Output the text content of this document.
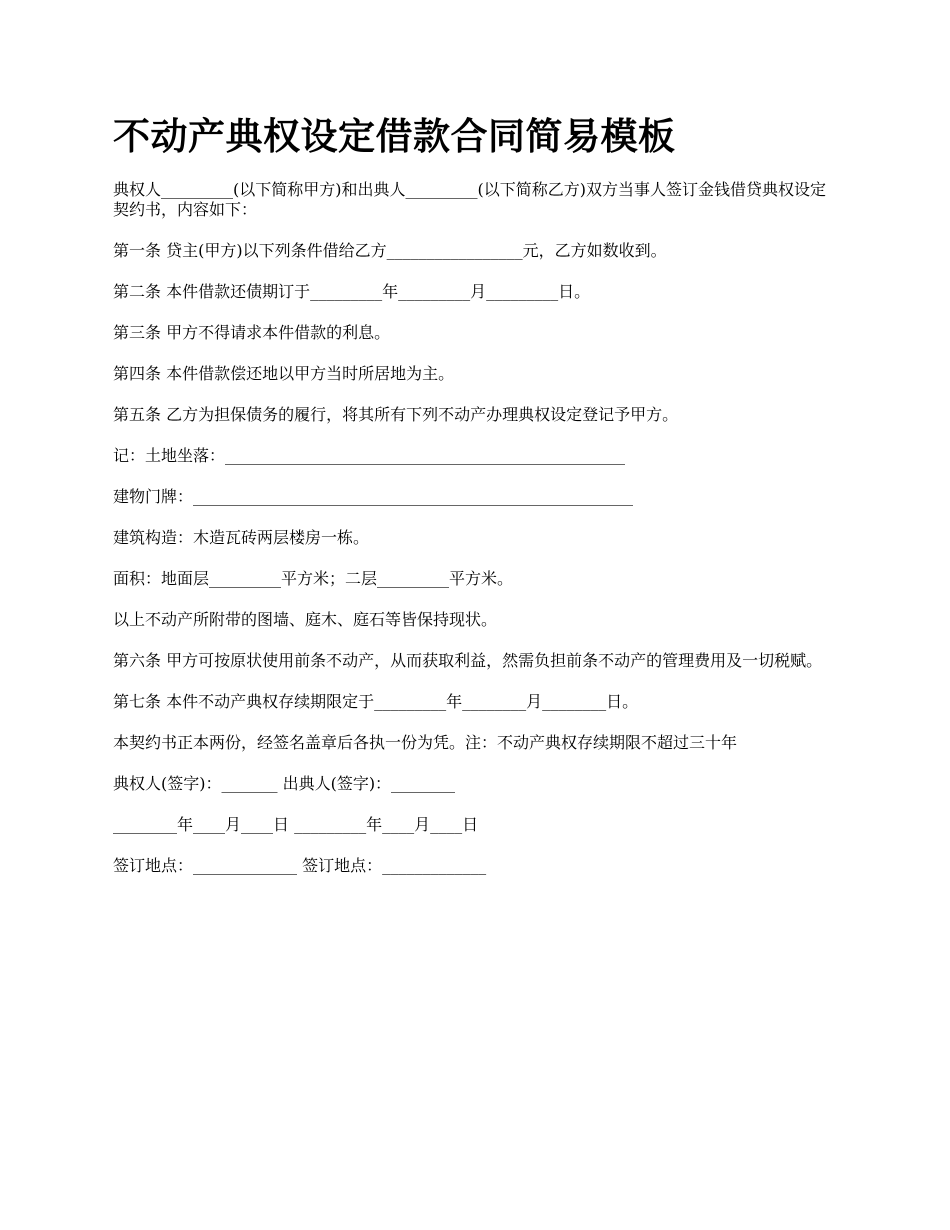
不动产典权设定借款合同简易模板
典权人_________(以下简称甲方)和出典人_________(以下简称乙方)双方当事人签订金钱借贷典权设定契约书，内容如下：
第一条 贷主(甲方)以下列条件借给乙方_________________元，乙方如数收到。
第二条 本件借款还债期订于_________年_________月_________日。
第三条 甲方不得请求本件借款的利息。
第四条 本件借款偿还地以甲方当时所居地为主。
第五条 乙方为担保债务的履行，将其所有下列不动产办理典权设定登记予甲方。
记：土地坐落：__________________________________________________
建物门牌：_______________________________________________________
建筑构造：木造瓦砖两层楼房一栋。
面积：地面层_________平方米；二层_________平方米。
以上不动产所附带的图墙、庭木、庭石等皆保持现状。
第六条 甲方可按原状使用前条不动产，从而获取利益，然需负担前条不动产的管理费用及一切税赋。
第七条 本件不动产典权存续期限定于_________年________月________日。
本契约书正本两份，经签名盖章后各执一份为凭。注：不动产典权存续期限不超过三十年
典权人(签字)：_______ 出典人(签字)：________
________年____月____日 _________年____月____日
签订地点：_____________ 签订地点：_____________
